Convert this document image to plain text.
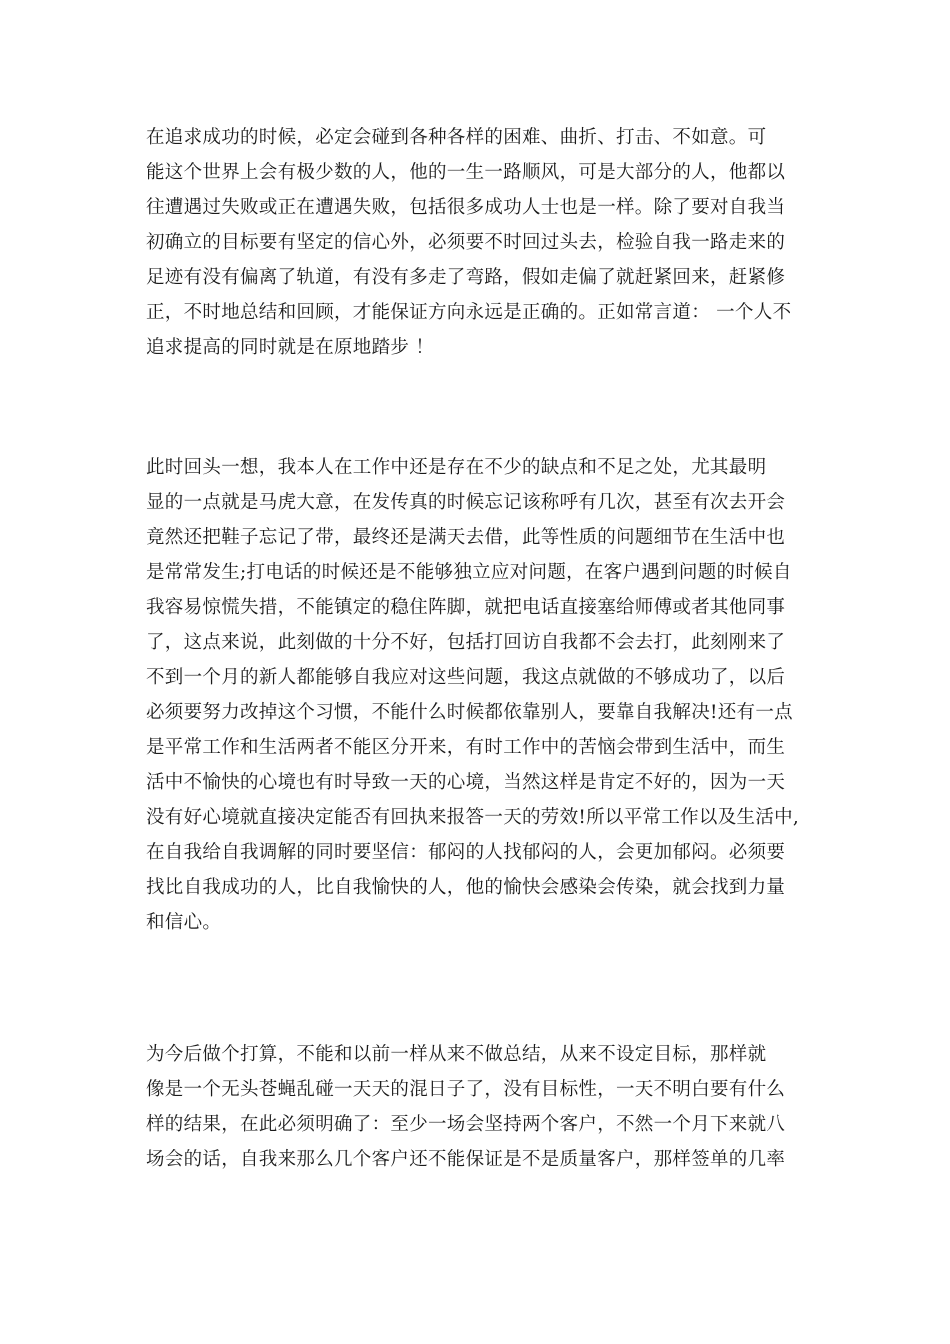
在追求成功的时候，必定会碰到各种各样的困难、曲折、打击、不如意。可
能这个世界上会有极少数的人，他的一生一路顺风，可是大部分的人，他都以
往遭遇过失败或正在遭遇失败，包括很多成功人士也是一样。除了要对自我当
初确立的目标要有坚定的信心外，必须要不时回过头去，检验自我一路走来的
足迹有没有偏离了轨道，有没有多走了弯路，假如走偏了就赶紧回来，赶紧修
正，不时地总结和回顾，才能保证方向永远是正确的。正如常言道： 一个人不
追求提高的同时就是在原地踏步 ！

此时回头一想，我本人在工作中还是存在不少的缺点和不足之处，尤其最明
显的一点就是马虎大意，在发传真的时候忘记该称呼有几次，甚至有次去开会
竟然还把鞋子忘记了带，最终还是满天去借，此等性质的问题细节在生活中也
是常常发生;打电话的时候还是不能够独立应对问题，在客户遇到问题的时候自
我容易惊慌失措，不能镇定的稳住阵脚，就把电话直接塞给师傅或者其他同事
了，这点来说，此刻做的十分不好，包括打回访自我都不会去打，此刻刚来了
不到一个月的新人都能够自我应对这些问题，我这点就做的不够成功了，以后
必须要努力改掉这个习惯，不能什么时候都依靠别人，要靠自我解决!还有一点
是平常工作和生活两者不能区分开来，有时工作中的苦恼会带到生活中，而生
活中不愉快的心境也有时导致一天的心境，当然这样是肯定不好的，因为一天
没有好心境就直接决定能否有回执来报答一天的劳效!所以平常工作以及生活中,
在自我给自我调解的同时要坚信：郁闷的人找郁闷的人，会更加郁闷。必须要
找比自我成功的人，比自我愉快的人，他的愉快会感染会传染，就会找到力量
和信心。

为今后做个打算，不能和以前一样从来不做总结，从来不设定目标，那样就
像是一个无头苍蝇乱碰一天天的混日子了，没有目标性，一天不明白要有什么
样的结果，在此必须明确了：至少一场会坚持两个客户，不然一个月下来就八
场会的话，自我来那么几个客户还不能保证是不是质量客户，那样签单的几率
